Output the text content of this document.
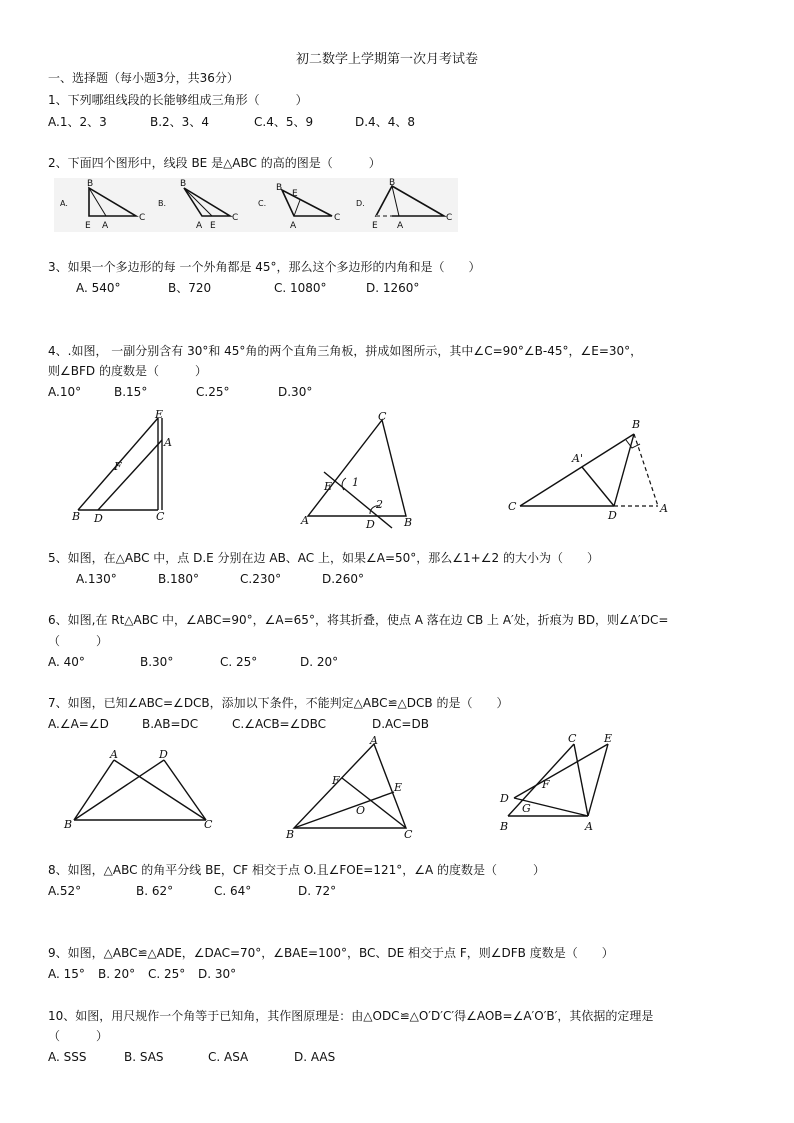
初二数学上学期第一次月考试卷
一、选择题（每小题3分，共36分）
1、下列哪组线段的长能够组成三角形（　　　）
A.1、2、3	B.2、3、4	C.4、5、9	D.4、4、8
2、下面四个图形中，线段 BE 是△ABC 的高的图是（　　　）
A.
B
E A
C
B.
B
A E
C
C.
B
E
A
C
D.
B
E A
C
3、如果一个多边形的每 一个外角都是 45°，那么这个多边形的内角和是（　　）
A. 540°	B、720	C. 1080°	D. 1260°
4、.如图， 一副分别含有 30°和 45°角的两个直角三角板，拼成如图所示，其中∠C=90°∠B-45°，∠E=30°，
则∠BFD 的度数是（　　　）
A.10°	B.15°	C.25°	D.30°
E
A
F
B D	C
C
E 1
2
A	D	B
B
A'
C
D
A
5、如图，在△ABC 中，点 D.E 分别在边 AB、AC 上，如果∠A=50°，那么∠1+∠2 的大小为（　　）
A.130°	B.180°	C.230°	D.260°
6、如图,在 Rt△ABC 中，∠ABC=90°，∠A=65°，将其折叠，使点 A 落在边 CB 上 A′处，折痕为 BD，则∠A′DC=
（　　　）
A. 40°	B.30°	C. 25°	D. 20°
7、如图，已知∠ABC=∠DCB，添加以下条件，不能判定△ABC≌△DCB 的是（　　）
A.∠A=∠D	B.AB=DC	C.∠ACB=∠DBC	D.AC=DB
A	D
B	C
A
F
E
O
B	C
C	E
F
D
G
B	A
8、如图，△ABC 的角平分线 BE，CF 相交于点 O.且∠FOE=121°，∠A 的度数是（　　　）
A.52°	B. 62°	C. 64°	D. 72°
9、如图，△ABC≌△ADE，∠DAC=70°，∠BAE=100°，BC、DE 相交于点 F，则∠DFB 度数是（　　）
A. 15° B. 20° C. 25° D. 30°
10、如图，用尺规作一个角等于已知角，其作图原理是：由△ODC≌△O′D′C′得∠AOB=∠A′O′B′，其依据的定理是
（　　　）
A. SSS	B. SAS	C. ASA	D. AAS
